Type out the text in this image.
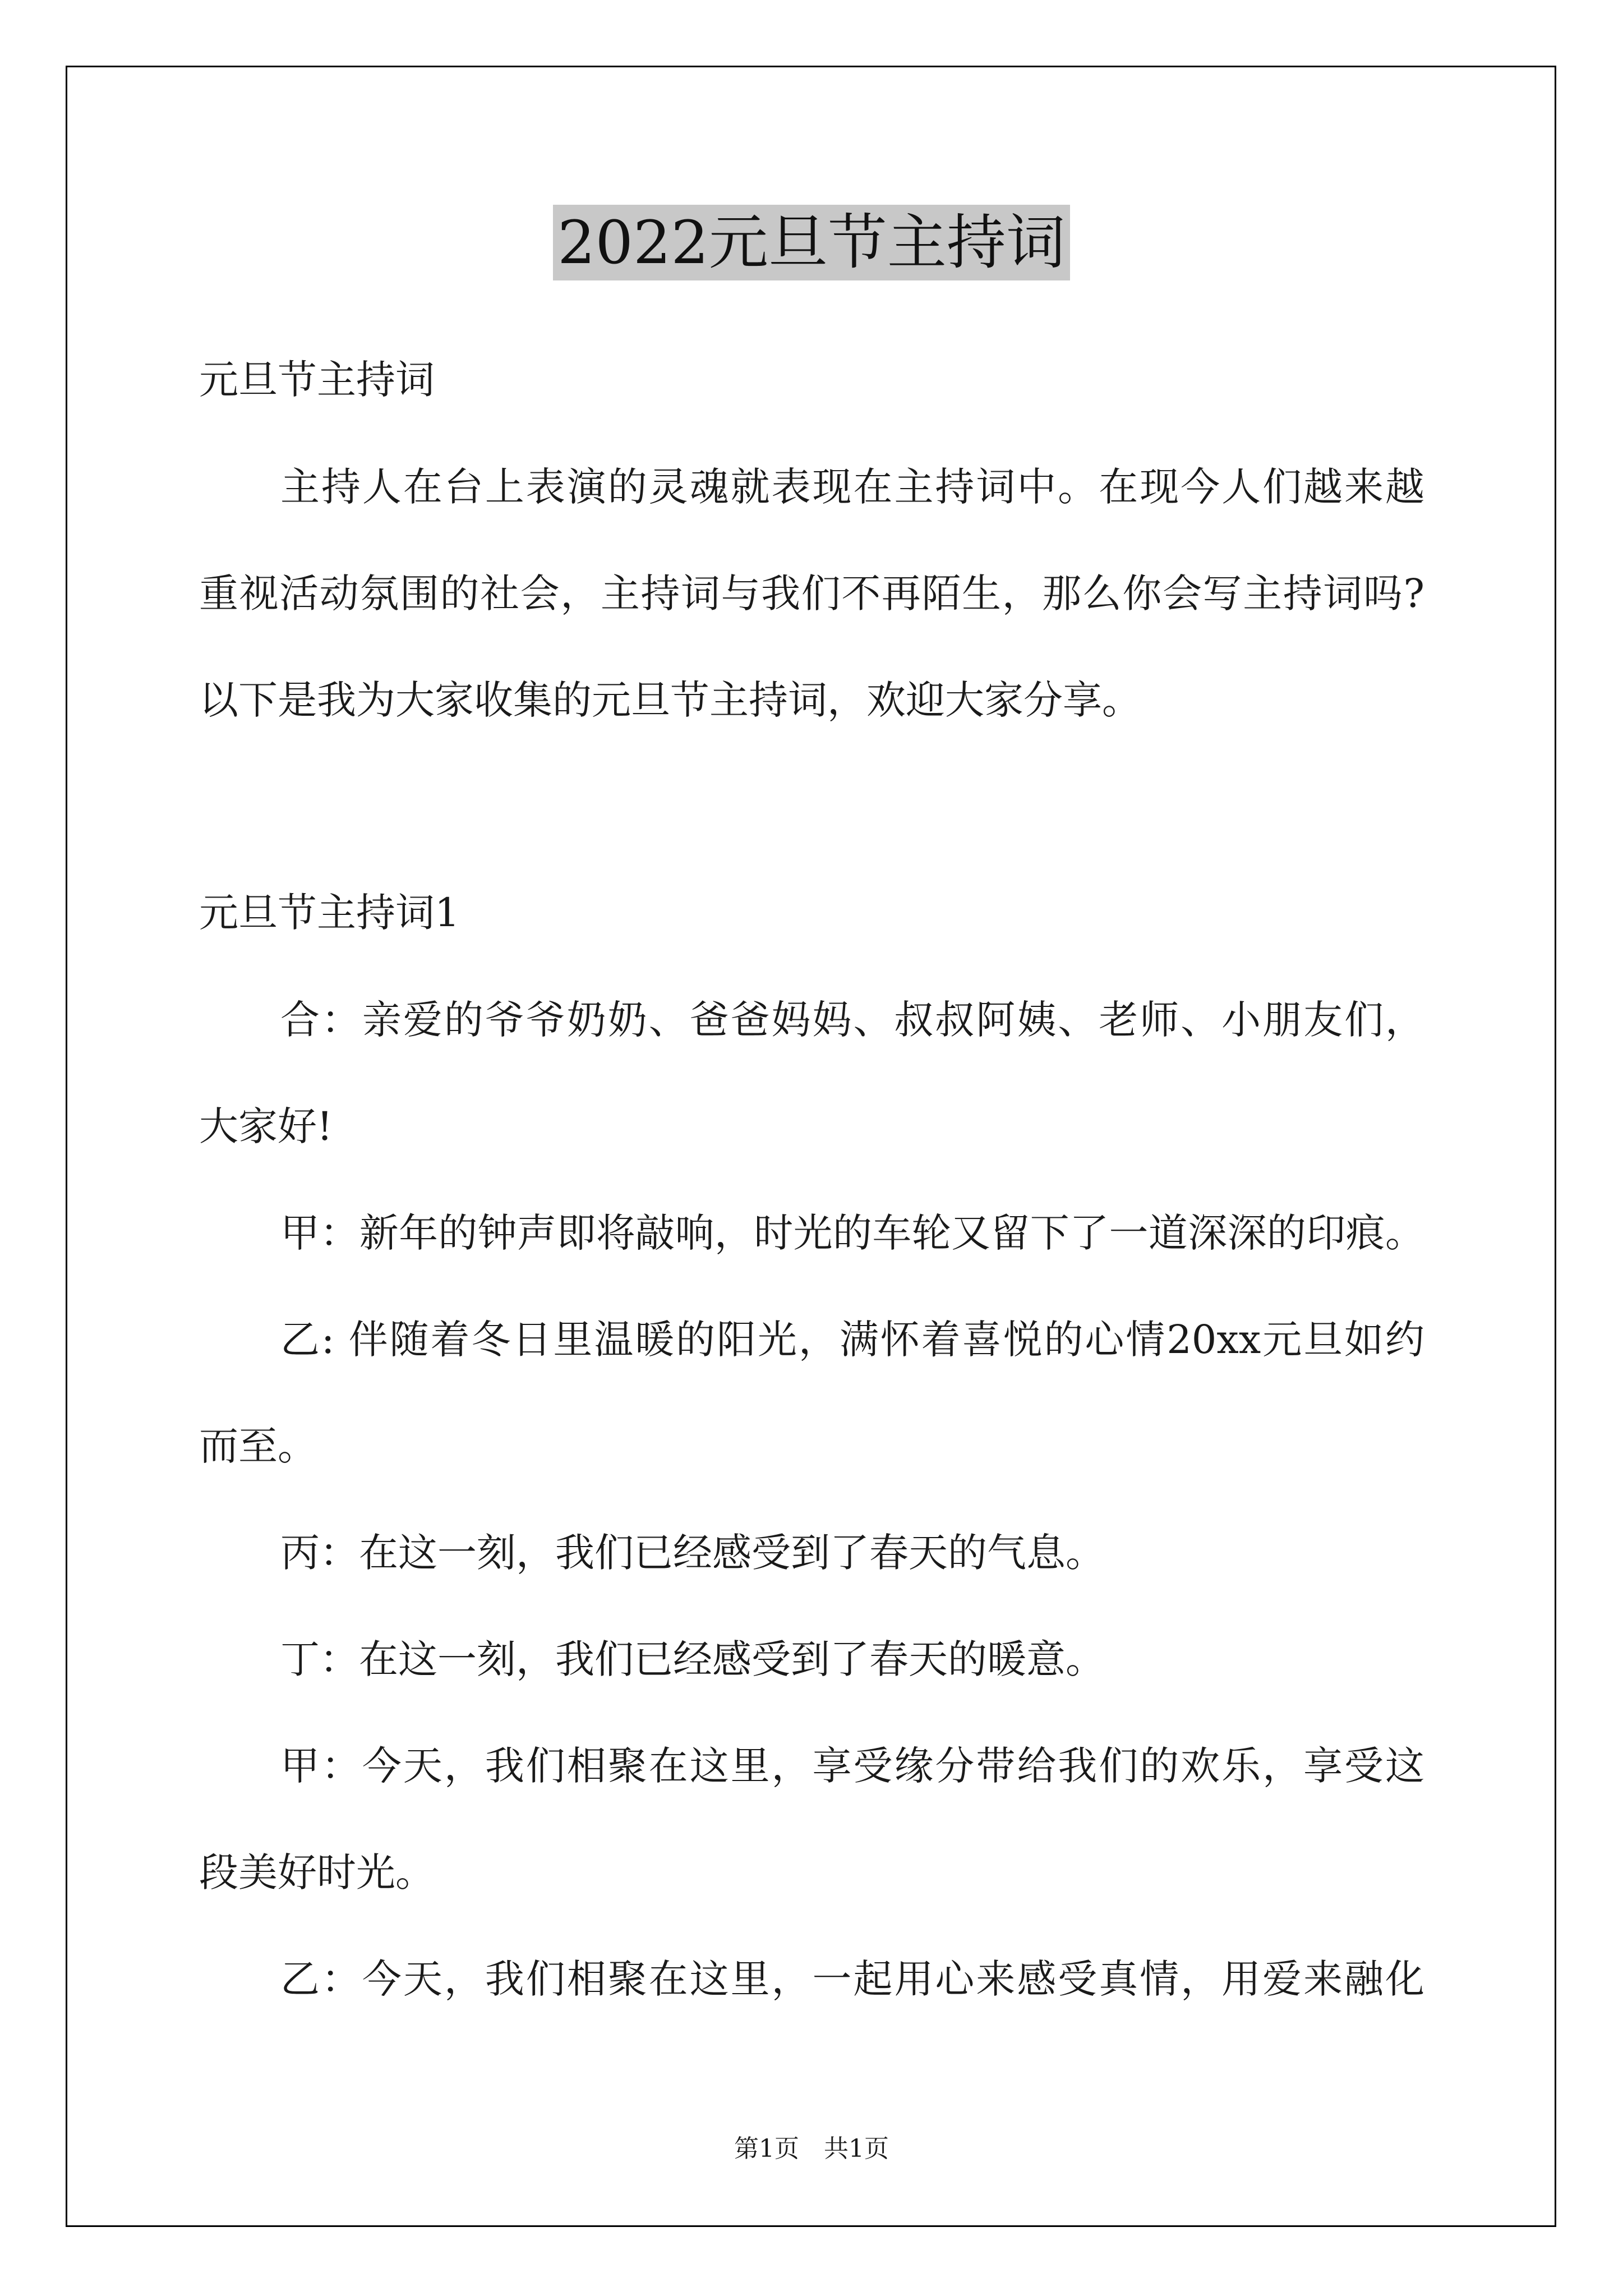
2022元旦节主持词
元旦节主持词
主持人在台上表演的灵魂就表现在主持词中。在现今人们越来越
重视活动氛围的社会，主持词与我们不再陌生，那么你会写主持词吗?
以下是我为大家收集的元旦节主持词，欢迎大家分享。
元旦节主持词1
合：亲爱的爷爷奶奶、爸爸妈妈、叔叔阿姨、老师、小朋友们，
大家好!
甲：新年的钟声即将敲响，时光的车轮又留下了一道深深的印痕。
乙: 伴随着冬日里温暖的阳光，满怀着喜悦的心情20xx元旦如约
而至。
丙：在这一刻，我们已经感受到了春天的气息。
丁：在这一刻，我们已经感受到了春天的暖意。
甲：今天，我们相聚在这里，享受缘分带给我们的欢乐，享受这
段美好时光。
乙：今天，我们相聚在这里，一起用心来感受真情，用爱来融化
第1页　共1页
